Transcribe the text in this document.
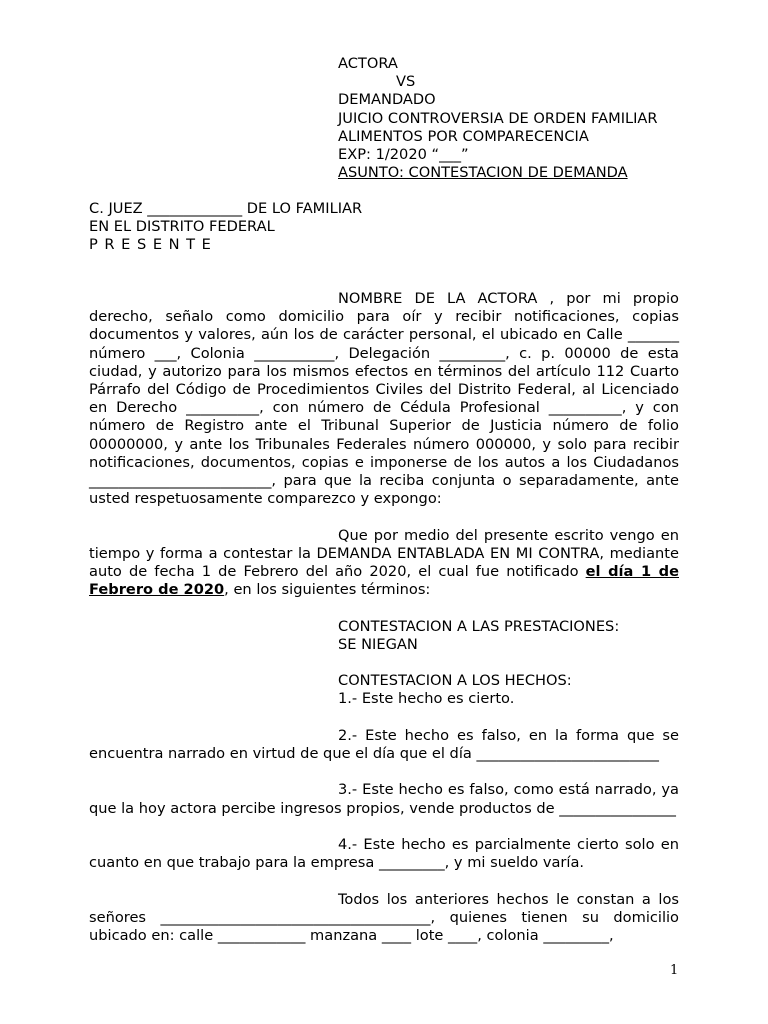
ACTORA
VS
DEMANDADO
JUICIO CONTROVERSIA DE ORDEN FAMILIAR
ALIMENTOS POR COMPARECENCIA
EXP: 1/2020 “___”
ASUNTO: CONTESTACION DE DEMANDA
C. JUEZ _____________ DE LO FAMILIAR
EN EL DISTRITO FEDERAL
PRESENTE

NOMBRE DE LA ACTORA , por mi propio derecho, señalo como domicilio para oír y recibir notificaciones, copias documentos y valores, aún los de carácter personal, el ubicado en Calle _______ número ___, Colonia ___________, Delegación _________, c. p. 00000 de esta ciudad, y autorizo para los mismos efectos en términos del artículo 112 Cuarto Párrafo del Código de Procedimientos Civiles del Distrito Federal, al Licenciado en Derecho __________, con número de Cédula Profesional __________, y con número de Registro ante el Tribunal Superior de Justicia número de folio 00000000, y ante los Tribunales Federales número 000000, y solo para recibir notificaciones, documentos, copias e imponerse de los autos a los Ciudadanos _________________________, para que la reciba conjunta o separadamente, ante usted respetuosamente comparezco y expongo:

Que por medio del presente escrito vengo en tiempo y forma a contestar la DEMANDA ENTABLADA EN MI CONTRA, mediante auto de fecha 1 de Febrero del año 2020, el cual fue notificado el día 1 de Febrero de 2020, en los siguientes términos:

CONTESTACION A LAS PRESTACIONES:
SE NIEGAN
CONTESTACION A LOS HECHOS:
1.- Este hecho es cierto.

2.- Este hecho es falso, en la forma que se encuentra narrado en virtud de que el día que el día _________________________

3.- Este hecho es falso, como está narrado, ya que la hoy actora percibe ingresos propios, vende productos de ________________

4.- Este hecho es parcialmente cierto solo en cuanto en que trabajo para la empresa _________, y mi sueldo varía.

Todos los anteriores hechos le constan a los señores _____________________________________, quienes tienen su domicilio ubicado en: calle ____________ manzana ____ lote ____, colonia _________,

1
